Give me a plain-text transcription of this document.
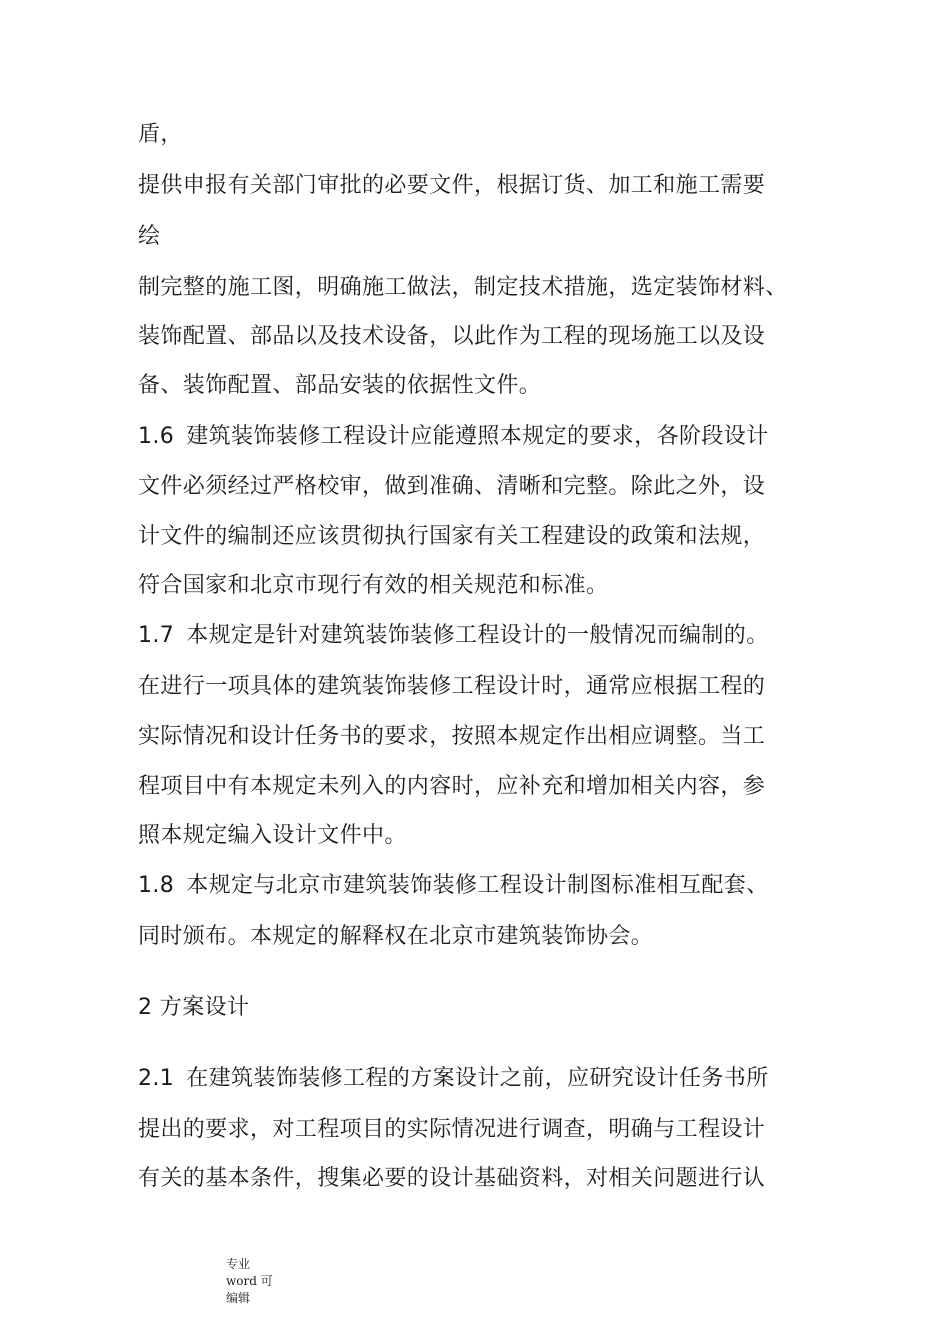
盾，
提供申报有关部门审批的必要文件，根据订货、加工和施工需要
绘
制完整的施工图，明确施工做法，制定技术措施，选定装饰材料、
装饰配置、部品以及技术设备，以此作为工程的现场施工以及设
备、装饰配置、部品安装的依据性文件。
1.6 建筑装饰装修工程设计应能遵照本规定的要求，各阶段设计
文件必须经过严格校审，做到准确、清晰和完整。除此之外，设
计文件的编制还应该贯彻执行国家有关工程建设的政策和法规，
符合国家和北京市现行有效的相关规范和标准。
1.7 本规定是针对建筑装饰装修工程设计的一般情况而编制的。
在进行一项具体的建筑装饰装修工程设计时，通常应根据工程的
实际情况和设计任务书的要求，按照本规定作出相应调整。当工
程项目中有本规定未列入的内容时，应补充和增加相关内容，参
照本规定编入设计文件中。
1.8 本规定与北京市建筑装饰装修工程设计制图标准相互配套、
同时颁布。本规定的解释权在北京市建筑装饰协会。
2 方案设计
2.1 在建筑装饰装修工程的方案设计之前，应研究设计任务书所
提出的要求，对工程项目的实际情况进行调查，明确与工程设计
有关的基本条件，搜集必要的设计基础资料，对相关问题进行认
专业
word 可
编辑
